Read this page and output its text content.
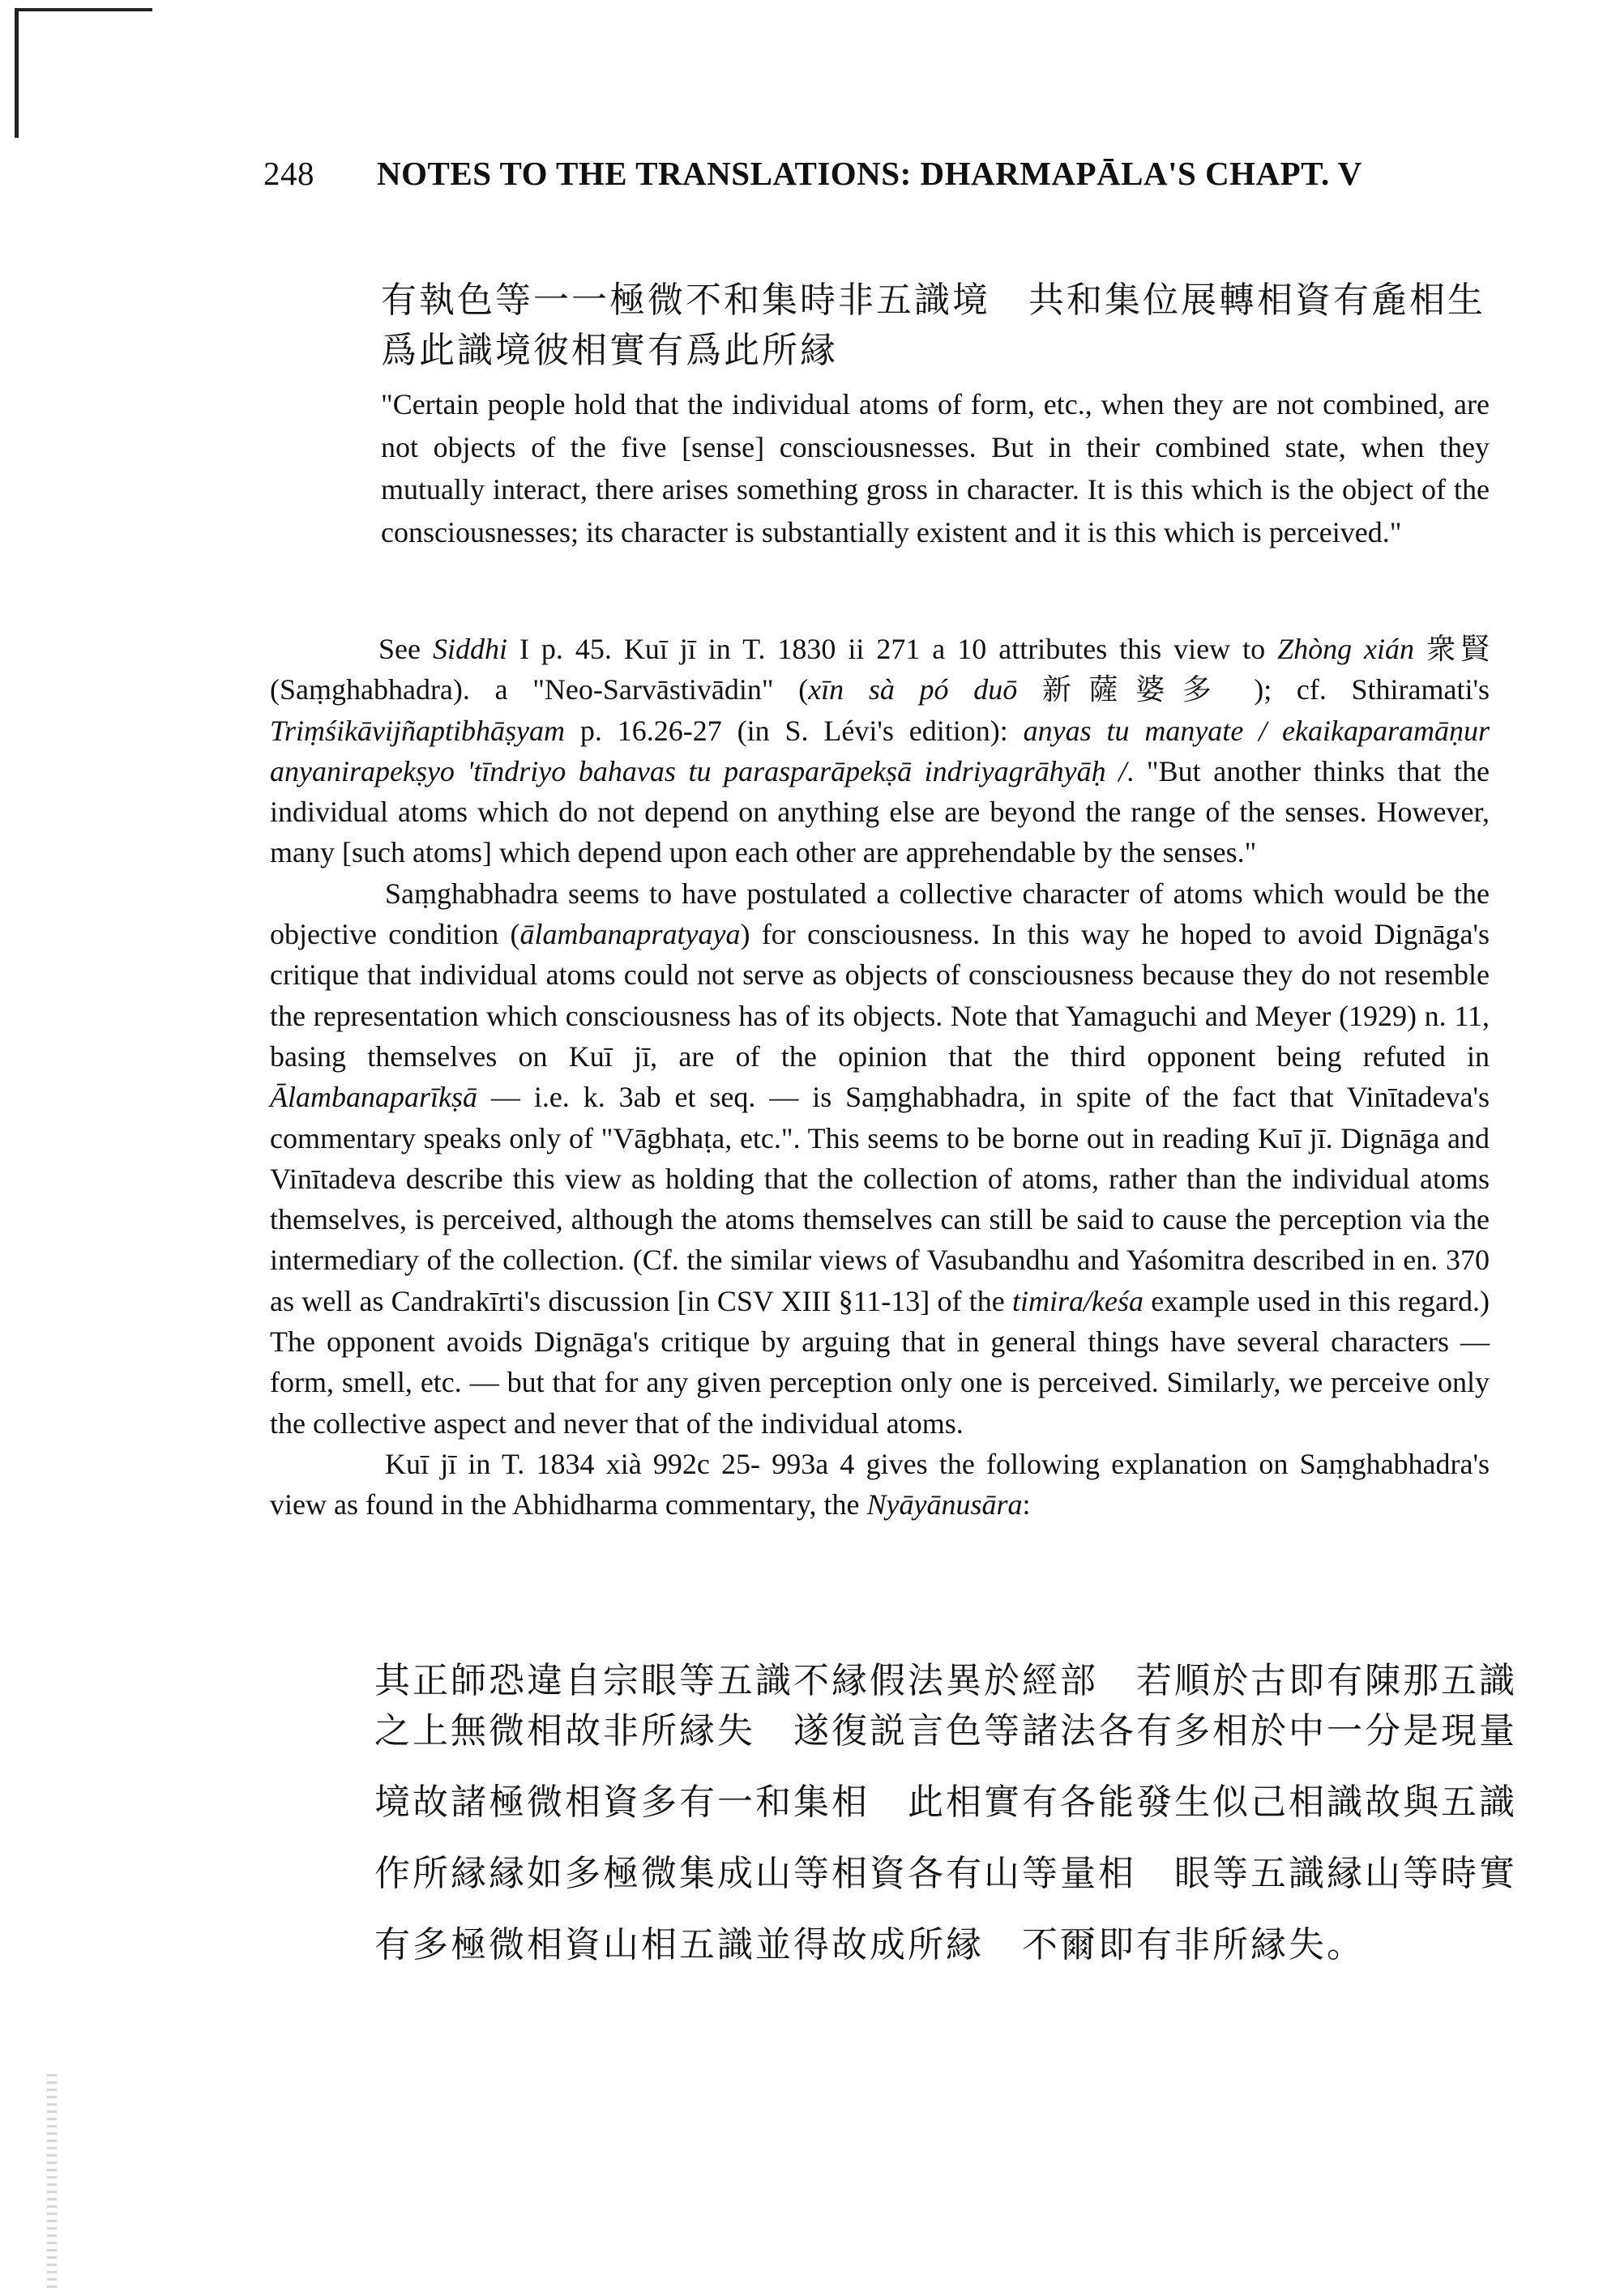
248 NOTES TO THE TRANSLATIONS: DHARMAPĀLA'S CHAPT. V
有執色等一一極微不和集時非五識境　共和集位展轉相資有麁相生
爲此識境彼相實有爲此所縁
"Certain people hold that the individual atoms of form, etc., when they are not combined, are not objects of the five [sense] consciousnesses. But in their combined state, when they mutually interact, there arises something gross in character. It is this which is the object of the consciousnesses; its character is substantially existent and it is this which is perceived."

See Siddhi I p. 45. Kuī jī in T. 1830 ii 271 a 10 attributes this view to Zhòng xián 衆賢 (Saṃghabhadra). a "Neo-Sarvāstivādin" (xīn sà pó duō 新薩婆多 ); cf. Sthiramati's Triṃśikāvijñaptibhāṣyam p. 16.26-27 (in S. Lévi's edition): anyas tu manyate / ekaikaparamāṇur anyanirapekṣyo 'tīndriyo bahavas tu parasparāpekṣā indriyagrāhyāḥ /. "But another thinks that the individual atoms which do not depend on anything else are beyond the range of the senses. However, many [such atoms] which depend upon each other are apprehendable by the senses."

Saṃghabhadra seems to have postulated a collective character of atoms which would be the objective condition (ālambanapratyaya) for consciousness. In this way he hoped to avoid Dignāga's critique that individual atoms could not serve as objects of consciousness because they do not resemble the representation which consciousness has of its objects. Note that Yamaguchi and Meyer (1929) n. 11, basing themselves on Kuī jī, are of the opinion that the third opponent being refuted in Ālambanaparīkṣā — i.e. k. 3ab et seq. — is Saṃghabhadra, in spite of the fact that Vinītadeva's commentary speaks only of "Vāgbhaṭa, etc.". This seems to be borne out in reading Kuī jī. Dignāga and Vinītadeva describe this view as holding that the collection of atoms, rather than the individual atoms themselves, is perceived, although the atoms themselves can still be said to cause the perception via the intermediary of the collection. (Cf. the similar views of Vasubandhu and Yaśomitra described in en. 370 as well as Candrakīrti's discussion [in CSV XIII §11-13] of the timira/keśa example used in this regard.) The opponent avoids Dignāga's critique by arguing that in general things have several characters — form, smell, etc. — but that for any given perception only one is perceived. Similarly, we perceive only the collective aspect and never that of the individual atoms.

Kuī jī in T. 1834 xià 992c 25- 993a 4 gives the following explanation on Saṃghabhadra's view as found in the Abhidharma commentary, the Nyāyānusāra:

其正師恐違自宗眼等五識不縁假法異於經部　若順於古即有陳那五識
之上無微相故非所縁失　遂復説言色等諸法各有多相於中一分是現量
境故諸極微相資多有一和集相　此相實有各能發生似己相識故與五識
作所縁縁如多極微集成山等相資各有山等量相　眼等五識縁山等時實
有多極微相資山相五識並得故成所縁　不爾即有非所縁失。
